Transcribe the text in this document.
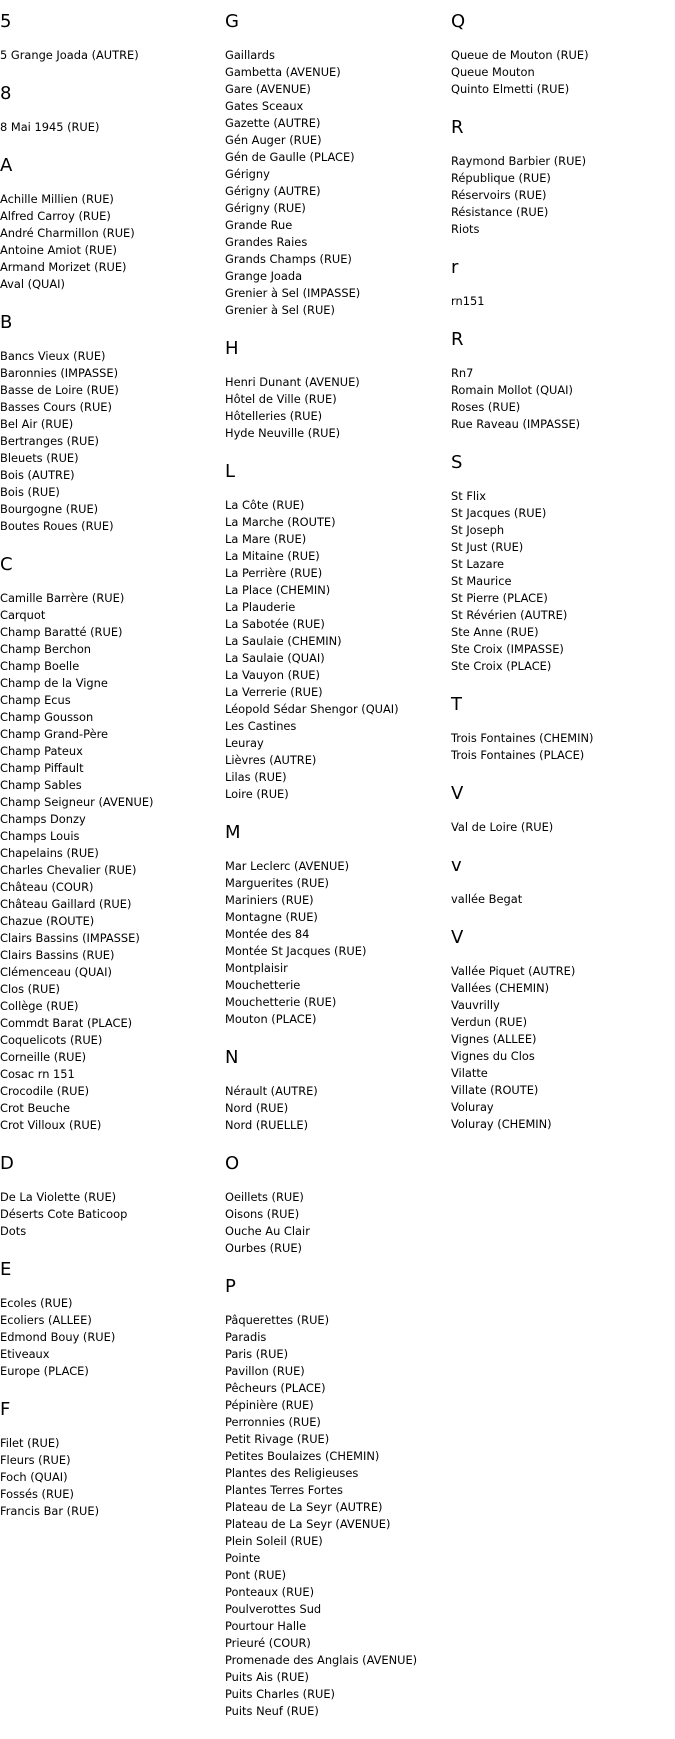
5
5 Grange Joada (AUTRE)
8
8 Mai 1945 (RUE)
A
Achille Millien (RUE)
Alfred Carroy (RUE)
André Charmillon (RUE)
Antoine Amiot (RUE)
Armand Morizet (RUE)
Aval (QUAI)
B
Bancs Vieux (RUE)
Baronnies (IMPASSE)
Basse de Loire (RUE)
Basses Cours (RUE)
Bel Air (RUE)
Bertranges (RUE)
Bleuets (RUE)
Bois (AUTRE)
Bois (RUE)
Bourgogne (RUE)
Boutes Roues (RUE)
C
Camille Barrère (RUE)
Carquot
Champ Baratté (RUE)
Champ Berchon
Champ Boelle
Champ de la Vigne
Champ Ecus
Champ Gousson
Champ Grand-Père
Champ Pateux
Champ Piffault
Champ Sables
Champ Seigneur (AVENUE)
Champs Donzy
Champs Louis
Chapelains (RUE)
Charles Chevalier (RUE)
Château (COUR)
Château Gaillard (RUE)
Chazue (ROUTE)
Clairs Bassins (IMPASSE)
Clairs Bassins (RUE)
Clémenceau (QUAI)
Clos (RUE)
Collège (RUE)
Commdt Barat (PLACE)
Coquelicots (RUE)
Corneille (RUE)
Cosac rn 151
Crocodile (RUE)
Crot Beuche
Crot Villoux (RUE)
D
De La Violette (RUE)
Déserts Cote Baticoop
Dots
E
Ecoles (RUE)
Ecoliers (ALLEE)
Edmond Bouy (RUE)
Etiveaux
Europe (PLACE)
F
Filet (RUE)
Fleurs (RUE)
Foch (QUAI)
Fossés (RUE)
Francis Bar (RUE)
G
Gaillards
Gambetta (AVENUE)
Gare (AVENUE)
Gates Sceaux
Gazette (AUTRE)
Gén Auger (RUE)
Gén de Gaulle (PLACE)
Gérigny
Gérigny (AUTRE)
Gérigny (RUE)
Grande Rue
Grandes Raies
Grands Champs (RUE)
Grange Joada
Grenier à Sel (IMPASSE)
Grenier à Sel (RUE)
H
Henri Dunant (AVENUE)
Hôtel de Ville (RUE)
Hôtelleries (RUE)
Hyde Neuville (RUE)
L
La Côte (RUE)
La Marche (ROUTE)
La Mare (RUE)
La Mitaine (RUE)
La Perrière (RUE)
La Place (CHEMIN)
La Plauderie
La Sabotée (RUE)
La Saulaie (CHEMIN)
La Saulaie (QUAI)
La Vauyon (RUE)
La Verrerie (RUE)
Léopold Sédar Shengor (QUAI)
Les Castines
Leuray
Lièvres (AUTRE)
Lilas (RUE)
Loire (RUE)
M
Mar Leclerc (AVENUE)
Marguerites (RUE)
Mariniers (RUE)
Montagne (RUE)
Montée des 84
Montée St Jacques (RUE)
Montplaisir
Mouchetterie
Mouchetterie (RUE)
Mouton (PLACE)
N
Nérault (AUTRE)
Nord (RUE)
Nord (RUELLE)
O
Oeillets (RUE)
Oisons (RUE)
Ouche Au Clair
Ourbes (RUE)
P
Pâquerettes (RUE)
Paradis
Paris (RUE)
Pavillon (RUE)
Pêcheurs (PLACE)
Pépinière (RUE)
Perronnies (RUE)
Petit Rivage (RUE)
Petites Boulaizes (CHEMIN)
Plantes des Religieuses
Plantes Terres Fortes
Plateau de La Seyr (AUTRE)
Plateau de La Seyr (AVENUE)
Plein Soleil (RUE)
Pointe
Pont (RUE)
Ponteaux (RUE)
Poulverottes Sud
Pourtour Halle
Prieuré (COUR)
Promenade des Anglais (AVENUE)
Puits Ais (RUE)
Puits Charles (RUE)
Puits Neuf (RUE)
Q
Queue de Mouton (RUE)
Queue Mouton
Quinto Elmetti (RUE)
R
Raymond Barbier (RUE)
République (RUE)
Réservoirs (RUE)
Résistance (RUE)
Riots
r
rn151
R
Rn7
Romain Mollot (QUAI)
Roses (RUE)
Rue Raveau (IMPASSE)
S
St Flix
St Jacques (RUE)
St Joseph
St Just (RUE)
St Lazare
St Maurice
St Pierre (PLACE)
St Révérien (AUTRE)
Ste Anne (RUE)
Ste Croix (IMPASSE)
Ste Croix (PLACE)
T
Trois Fontaines (CHEMIN)
Trois Fontaines (PLACE)
V
Val de Loire (RUE)
v
vallée Begat
V
Vallée Piquet (AUTRE)
Vallées (CHEMIN)
Vauvrilly
Verdun (RUE)
Vignes (ALLEE)
Vignes du Clos
Vilatte
Villate (ROUTE)
Voluray
Voluray (CHEMIN)
